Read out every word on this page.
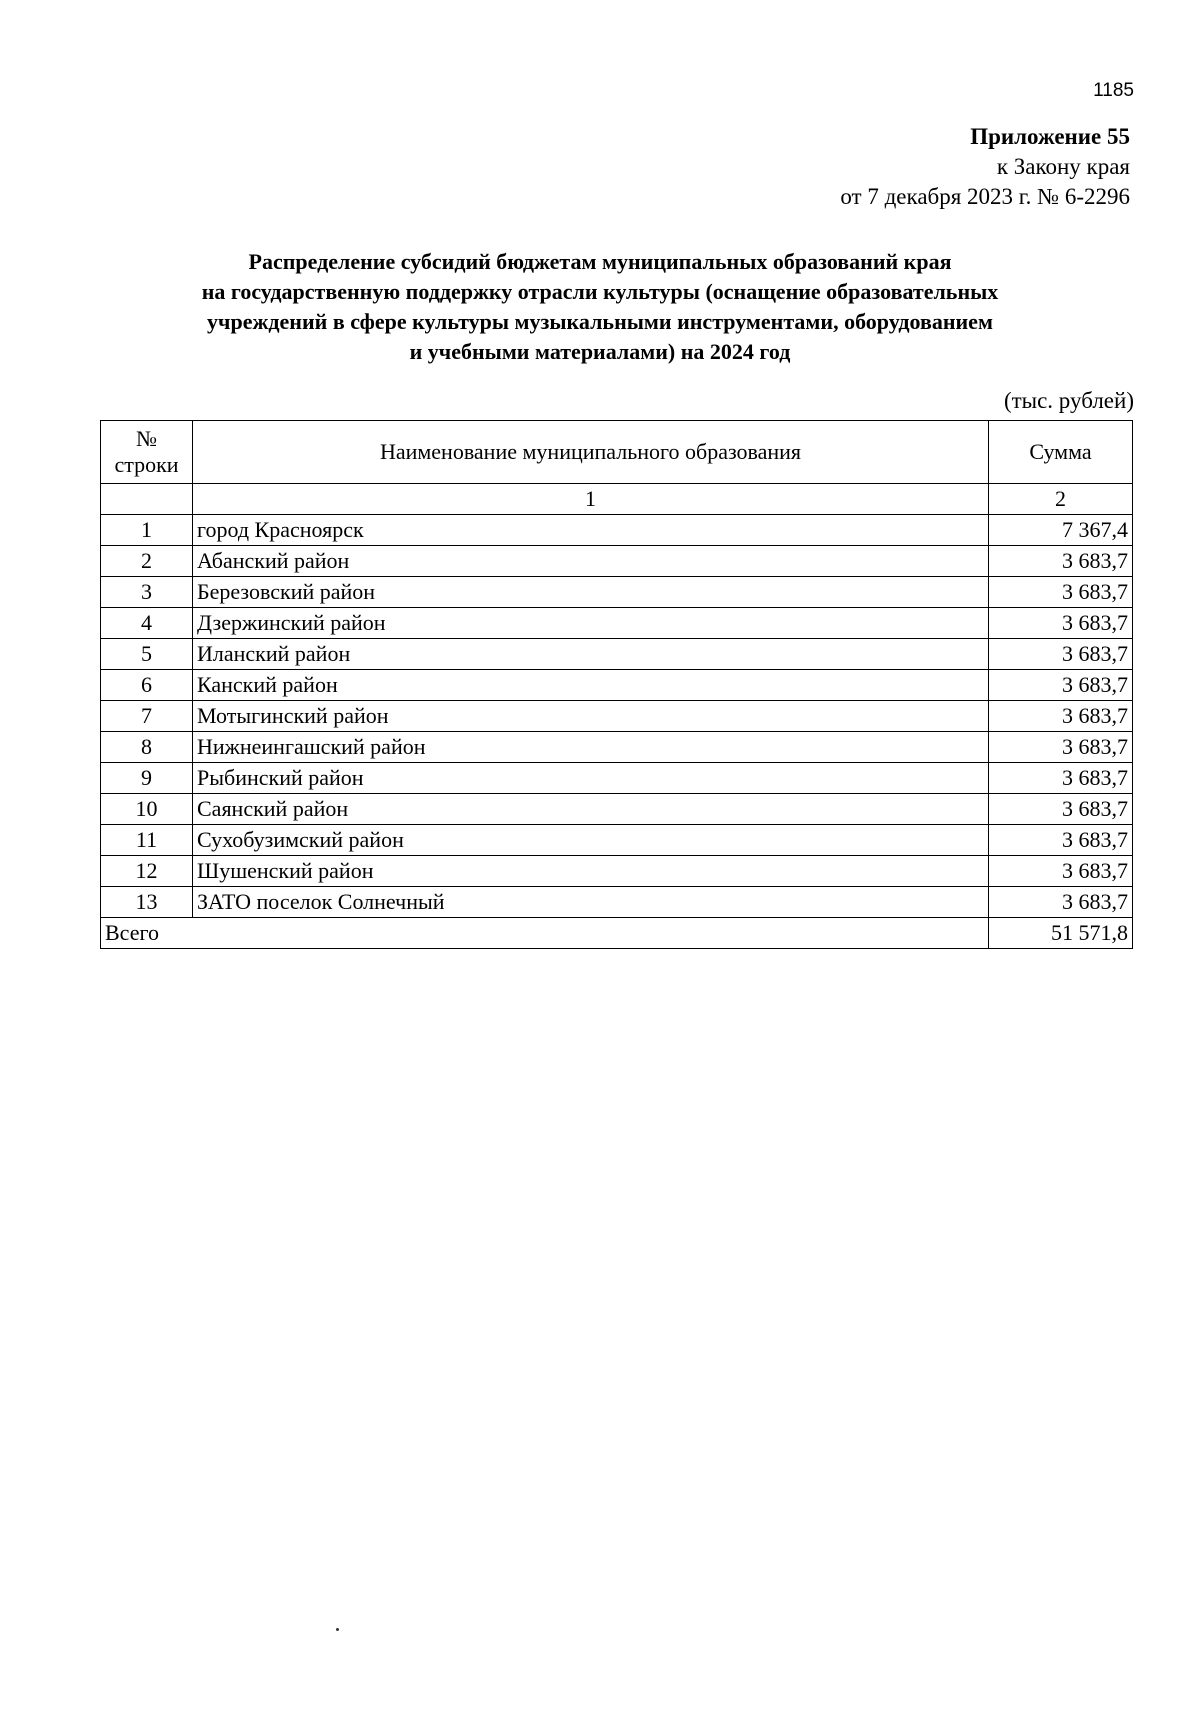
1185
Приложение 55
к Закону края
от 7 декабря 2023 г. № 6-2296
Распределение субсидий бюджетам муниципальных образований края
на государственную поддержку отрасли культуры (оснащение образовательных
учреждений в сфере культуры музыкальными инструментами, оборудованием
и учебными материалами) на 2024 год
(тыс. рублей)
№
строки	Наименование муниципального образования	Сумма
	1	2
1	город Красноярск	7 367,4
2	Абанский район	3 683,7
3	Березовский район	3 683,7
4	Дзержинский район	3 683,7
5	Иланский район	3 683,7
6	Канский район	3 683,7
7	Мотыгинский район	3 683,7
8	Нижнеингашский район	3 683,7
9	Рыбинский район	3 683,7
10	Саянский район	3 683,7
11	Сухобузимский район	3 683,7
12	Шушенский район	3 683,7
13	ЗАТО поселок Солнечный	3 683,7
Всего		51 571,8
